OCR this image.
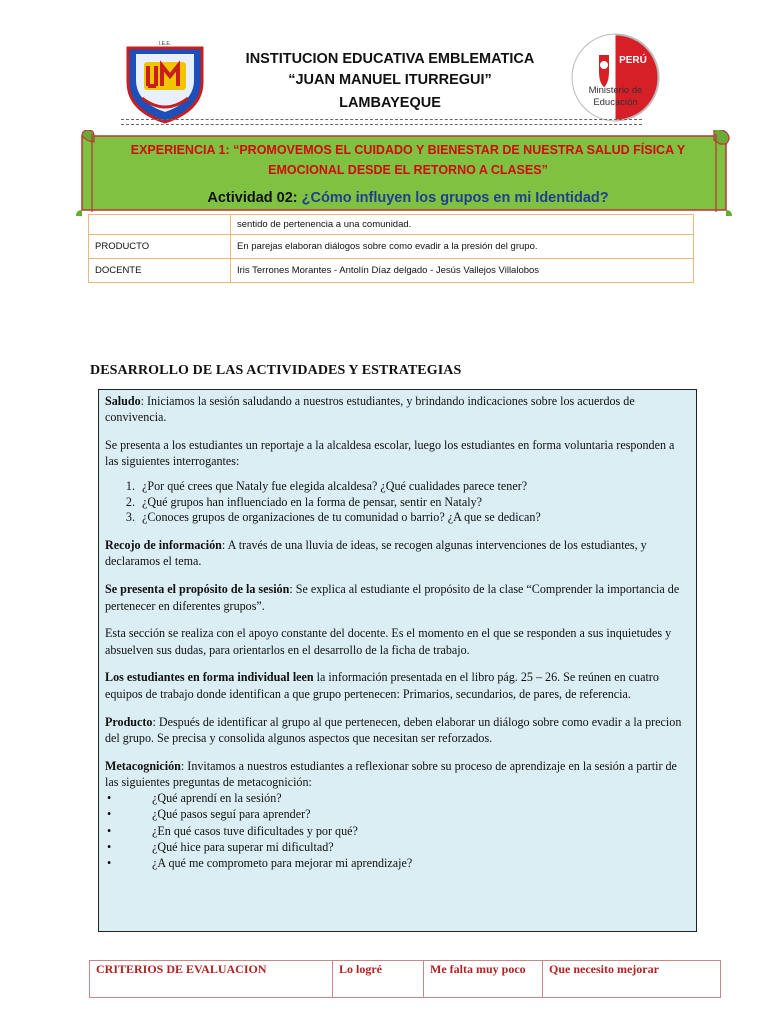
I.E.E.
INSTITUCION EDUCATIVA EMBLEMATICA
“JUAN MANUEL ITURREGUI”
LAMBAYEQUE
PERÚ
Ministerio de
Educación
EXPERIENCIA 1: “PROMOVEMOS EL CUIDADO Y BIENESTAR DE NUESTRA SALUD FÍSICA Y EMOCIONAL DESDE EL RETORNO A CLASES”
Actividad 02: ¿Cómo influyen los grupos en mi Identidad?
	sentido de pertenencia a una comunidad.
PRODUCTO	En parejas elaboran diálogos sobre como evadir a la presión del grupo.
DOCENTE	Iris Terrones Morantes - Antolín Díaz delgado - Jesús Vallejos Villalobos
DESARROLLO DE LAS ACTIVIDADES Y ESTRATEGIAS

Saludo: Iniciamos la sesión saludando a nuestros estudiantes, y brindando indicaciones sobre los acuerdos de convivencia.

Se presenta a los estudiantes un reportaje a la alcaldesa escolar, luego los estudiantes en forma voluntaria responden a las siguientes interrogantes:

1. ¿Por qué crees que Nataly fue elegida alcaldesa? ¿Qué cualidades parece tener?
2. ¿Qué grupos han influenciado en la forma de pensar, sentir en Nataly?
3. ¿Conoces grupos de organizaciones de tu comunidad o barrio? ¿A que se dedican?

Recojo de información: A través de una lluvia de ideas, se recogen algunas intervenciones de los estudiantes, y declaramos el tema.

Se presenta el propósito de la sesión: Se explica al estudiante el propósito de la clase “Comprender la importancia de pertenecer en diferentes grupos”.

Esta sección se realiza con el apoyo constante del docente. Es el momento en el que se responden a sus inquietudes y absuelven sus dudas, para orientarlos en el desarrollo de la ficha de trabajo.

Los estudiantes en forma individual leen la información presentada en el libro pág. 25 – 26. Se reúnen en cuatro equipos de trabajo donde identifican a que grupo pertenecen: Primarios, secundarios, de pares, de referencia.

Producto: Después de identificar al grupo al que pertenecen, deben elaborar un diálogo sobre como evadir a la precion del grupo. Se precisa y consolida algunos aspectos que necesitan ser reforzados.

Metacognición: Invitamos a nuestros estudiantes a reflexionar sobre su proceso de aprendizaje en la sesión a partir de las siguientes preguntas de metacognición:

•	¿Qué aprendí en la sesión?
•	¿Qué pasos seguí para aprender?
•	¿En qué casos tuve dificultades y por qué?
•	¿Qué hice para superar mi dificultad?
•	¿A qué me comprometo para mejorar mi aprendizaje?
CRITERIOS DE EVALUACION	Lo logré	Me falta muy poco	Que necesito mejorar
